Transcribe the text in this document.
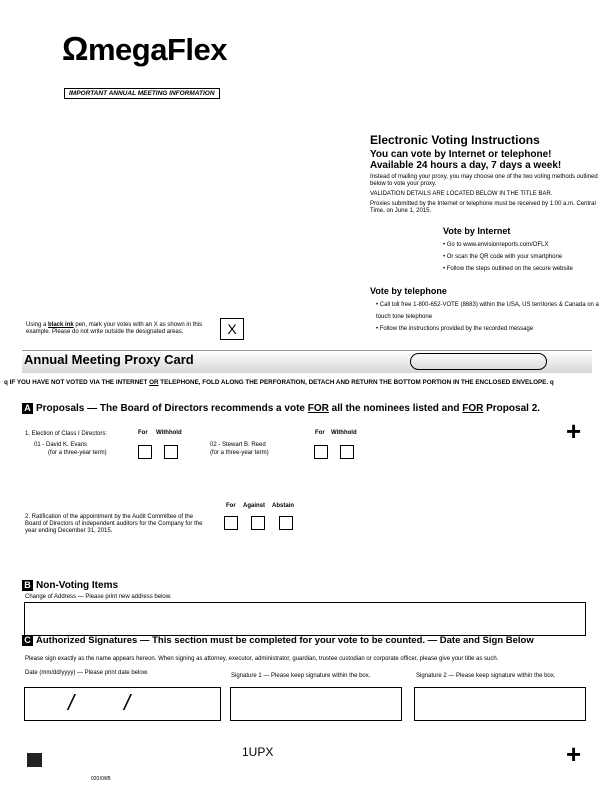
ΩmegaFlex
IMPORTANT ANNUAL MEETING INFORMATION
Electronic Voting Instructions
You can vote by Internet or telephone!
Available 24 hours a day, 7 days a week!
Instead of mailing your proxy, you may choose one of the two voting methods outlined below to vote your proxy.
VALIDATION DETAILS ARE LOCATED BELOW IN THE TITLE BAR.
Proxies submitted by the Internet or telephone must be received by 1:00 a.m. Central Time, on June 1, 2015.
Vote by Internet
• Go to www.envisionreports.com/OFLX
• Or scan the QR code with your smartphone
• Follow the steps outlined on the secure website
Vote by telephone
• Call toll free 1-800-652-VOTE (8683) within the USA, US territories & Canada on a touch tone telephone
• Follow the instructions provided by the recorded message
Using a black ink pen, mark your votes with an X as shown in this example. Please do not write outside the designated areas.	X
Annual Meeting Proxy Card
q IF YOU HAVE NOT VOTED VIA THE INTERNET OR TELEPHONE, FOLD ALONG THE PERFORATION, DETACH AND RETURN THE BOTTOM PORTION IN THE ENCLOSED ENVELOPE. q
A Proposals — The Board of Directors recommends a vote FOR all the nominees listed and FOR Proposal 2.
+
1. Election of Class I Directors:	For Withhold
01 - David K. Evans
(for a three-year term)
For Withhold
02 - Stewart B. Reed
(for a three-year term)
2. Ratification of the appointment by the Audit Committee of the Board of Directors of independent auditors for the Company for the year ending December 31, 2015.
For Against Abstain
B Non-Voting Items
Change of Address — Please print new address below.
C Authorized Signatures — This section must be completed for your vote to be counted. — Date and Sign Below
Please sign exactly as the name appears hereon. When signing as attorney, executor, administrator, guardian, trustee custodian or corporate officer, please give your title as such.
Date (mm/dd/yyyy) — Please print date below.	Signature 1 — Please keep signature within the box.	Signature 2 — Please keep signature within the box.
/ /
1UPX	+
020XWB
